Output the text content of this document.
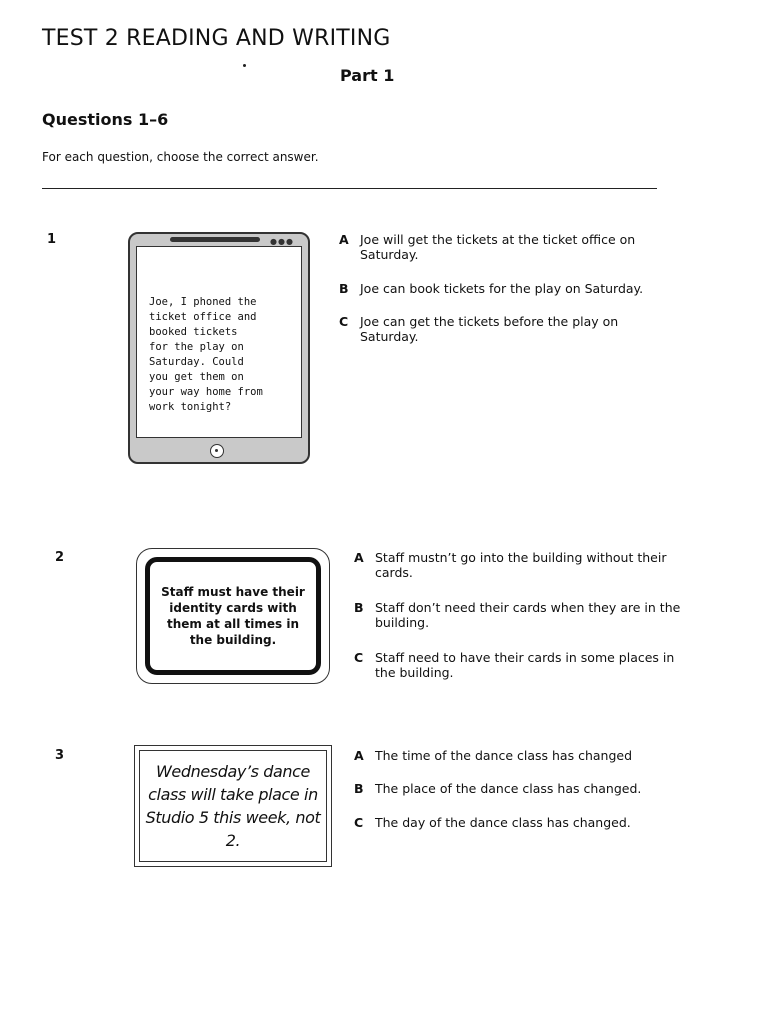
TEST 2 READING AND WRITING
Part 1
Questions 1–6
For each question, choose the correct answer.
1	●●●
Joe, I phoned the
ticket office and
booked tickets
for the play on
Saturday. Could
you get them on
your way home from
work tonight?
A Joe will get the tickets at the ticket office on Saturday.
B Joe can book tickets for the play on Saturday.
C Joe can get the tickets before the play on Saturday.
2
Staff must have their identity cards with them at all times in the building.
A Staff mustn’t go into the building without their cards.
B Staff don’t need their cards when they are in the building.
C Staff need to have their cards in some places in the building.
3
Wednesday’s dance class will take place in Studio 5 this week, not 2.
A The time of the dance class has changed
B The place of the dance class has changed.
C The day of the dance class has changed.
